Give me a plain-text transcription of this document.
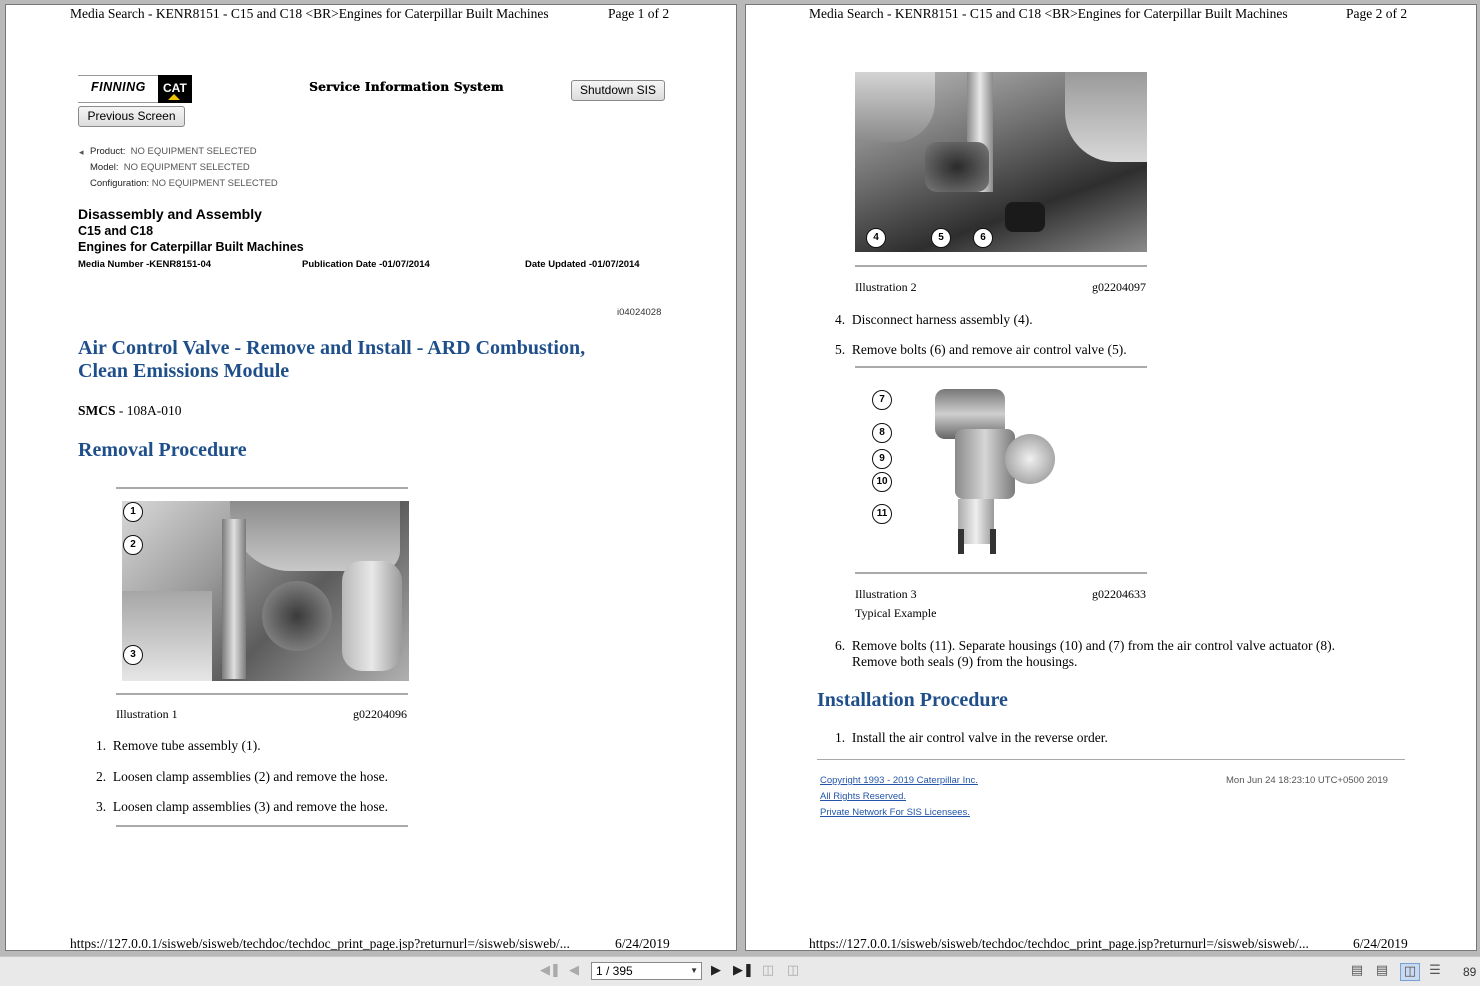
Media Search - KENR8151 - C15 and C18 <BR>Engines for Caterpillar Built Machines	Page 1 of 2
FINNING CAT	Service Information System	Shutdown SIS
Previous Screen
◂ Product: NO EQUIPMENT SELECTED
Model: NO EQUIPMENT SELECTED
Configuration: NO EQUIPMENT SELECTED
Disassembly and Assembly
C15 and C18
Engines for Caterpillar Built Machines
Media Number -KENR8151-04	Publication Date -01/07/2014	Date Updated -01/07/2014
i04024028
Air Control Valve - Remove and Install - ARD Combustion,
Clean Emissions Module
SMCS - 108A-010
Removal Procedure
1
2
3
Illustration 1	g02204096
1. Remove tube assembly (1).
2. Loosen clamp assemblies (2) and remove the hose.
3. Loosen clamp assemblies (3) and remove the hose.
https://127.0.0.1/sisweb/sisweb/techdoc/techdoc_print_page.jsp?returnurl=/sisweb/sisweb/...	6/24/2019
Media Search - KENR8151 - C15 and C18 <BR>Engines for Caterpillar Built Machines	Page 2 of 2
4	5	6
Illustration 2	g02204097
4. Disconnect harness assembly (4).
5. Remove bolts (6) and remove air control valve (5).
7
8
9
10
11
Illustration 3	g02204633
Typical Example
6. Remove bolts (11). Separate housings (10) and (7) from the air control valve actuator (8).
Remove both seals (9) from the housings.
Installation Procedure
1. Install the air control valve in the reverse order.
Copyright 1993 - 2019 Caterpillar Inc.
All Rights Reserved.
Private Network For SIS Licensees.
Mon Jun 24 18:23:10 UTC+0500 2019
https://127.0.0.1/sisweb/sisweb/techdoc/techdoc_print_page.jsp?returnurl=/sisweb/sisweb/...	6/24/2019
◀❚ ◀	1 / 395	▼ ▶ ▶❚ ◫ ◫	▤ ▤ ◫ ☰ 89
